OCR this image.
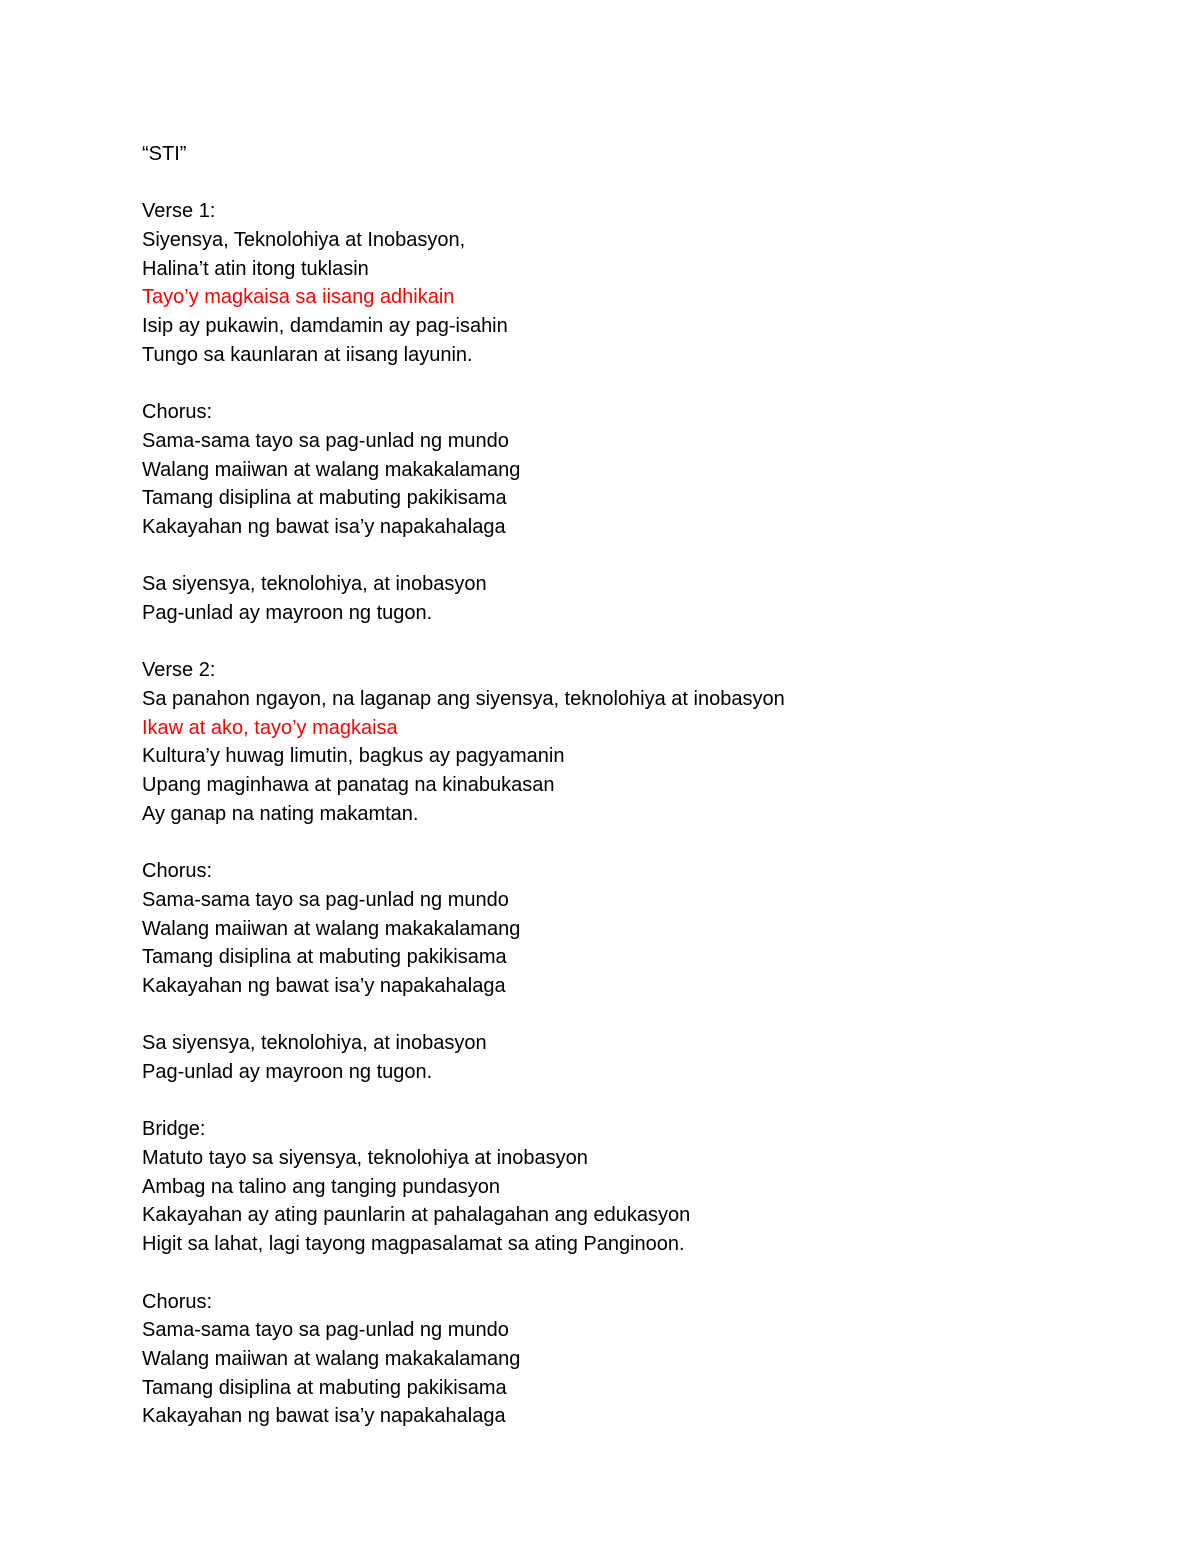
“STI”
Verse 1:
Siyensya, Teknolohiya at Inobasyon,
Halina’t atin itong tuklasin
Tayo’y magkaisa sa iisang adhikain
Isip ay pukawin, damdamin ay pag-isahin
Tungo sa kaunlaran at iisang layunin.
Chorus:
Sama-sama tayo sa pag-unlad ng mundo
Walang maiiwan at walang makakalamang
Tamang disiplina at mabuting pakikisama
Kakayahan ng bawat isa’y napakahalaga
Sa siyensya, teknolohiya, at inobasyon
Pag-unlad ay mayroon ng tugon.
Verse 2:
Sa panahon ngayon, na laganap ang siyensya, teknolohiya at inobasyon
Ikaw at ako, tayo’y magkaisa
Kultura’y huwag limutin, bagkus ay pagyamanin
Upang maginhawa at panatag na kinabukasan
Ay ganap na nating makamtan.
Chorus:
Sama-sama tayo sa pag-unlad ng mundo
Walang maiiwan at walang makakalamang
Tamang disiplina at mabuting pakikisama
Kakayahan ng bawat isa’y napakahalaga
Sa siyensya, teknolohiya, at inobasyon
Pag-unlad ay mayroon ng tugon.
Bridge:
Matuto tayo sa siyensya, teknolohiya at inobasyon
Ambag na talino ang tanging pundasyon
Kakayahan ay ating paunlarin at pahalagahan ang edukasyon
Higit sa lahat, lagi tayong magpasalamat sa ating Panginoon.
Chorus:
Sama-sama tayo sa pag-unlad ng mundo
Walang maiiwan at walang makakalamang
Tamang disiplina at mabuting pakikisama
Kakayahan ng bawat isa’y napakahalaga
